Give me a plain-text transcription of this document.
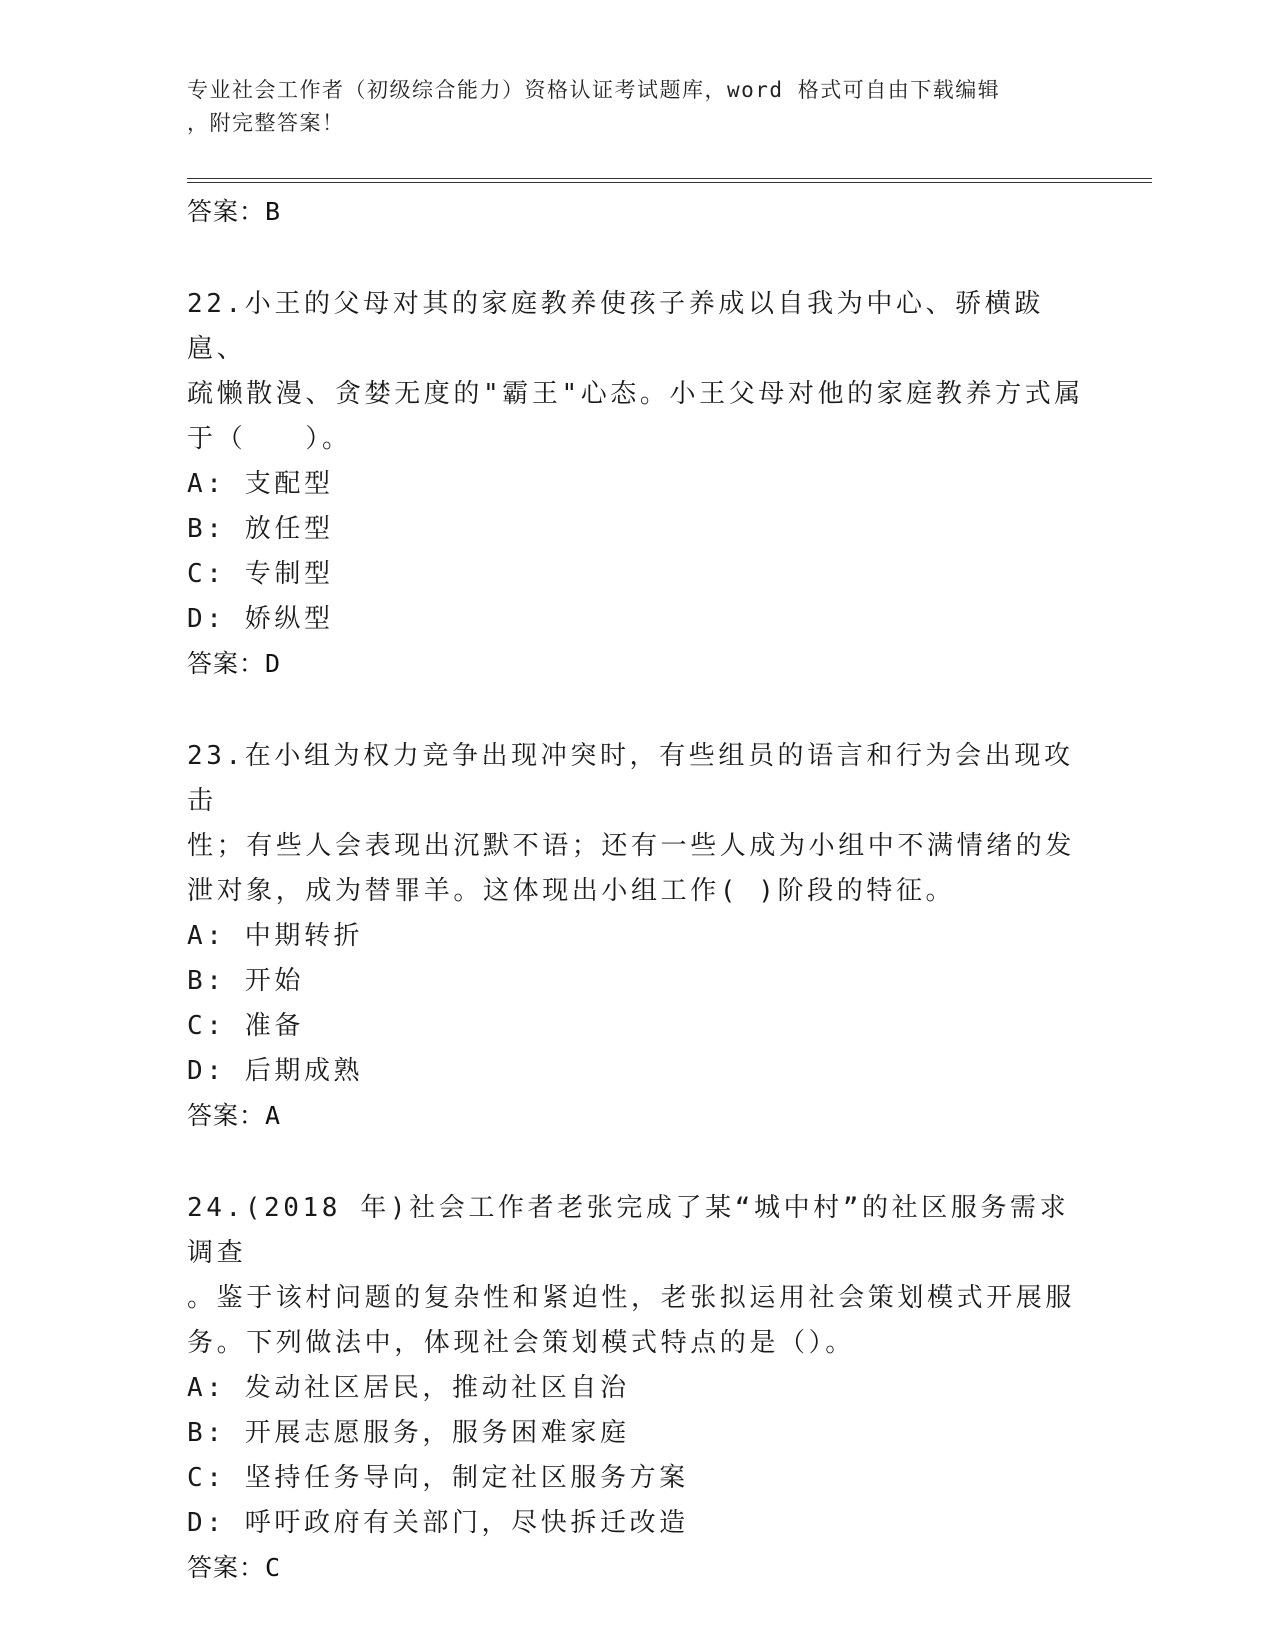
专业社会工作者（初级综合能力）资格认证考试题库，word 格式可自由下载编辑
，附完整答案！
答案：B
22.小王的父母对其的家庭教养使孩子养成以自我为中心、骄横跋扈、
疏懒散漫、贪婪无度的"霸王"心态。小王父母对他的家庭教养方式属
于（　　）。
A: 支配型
B: 放任型
C: 专制型
D: 娇纵型
答案：D
23.在小组为权力竞争出现冲突时，有些组员的语言和行为会出现攻击
性；有些人会表现出沉默不语；还有一些人成为小组中不满情绪的发
泄对象，成为替罪羊。这体现出小组工作( )阶段的特征。
A: 中期转折
B: 开始
C: 准备
D: 后期成熟
答案：A
24.(2018 年)社会工作者老张完成了某“城中村”的社区服务需求调查
。鉴于该村问题的复杂性和紧迫性，老张拟运用社会策划模式开展服
务。下列做法中，体现社会策划模式特点的是（）。
A: 发动社区居民，推动社区自治
B: 开展志愿服务，服务困难家庭
C: 坚持任务导向，制定社区服务方案
D: 呼吁政府有关部门，尽快拆迁改造
答案：C
